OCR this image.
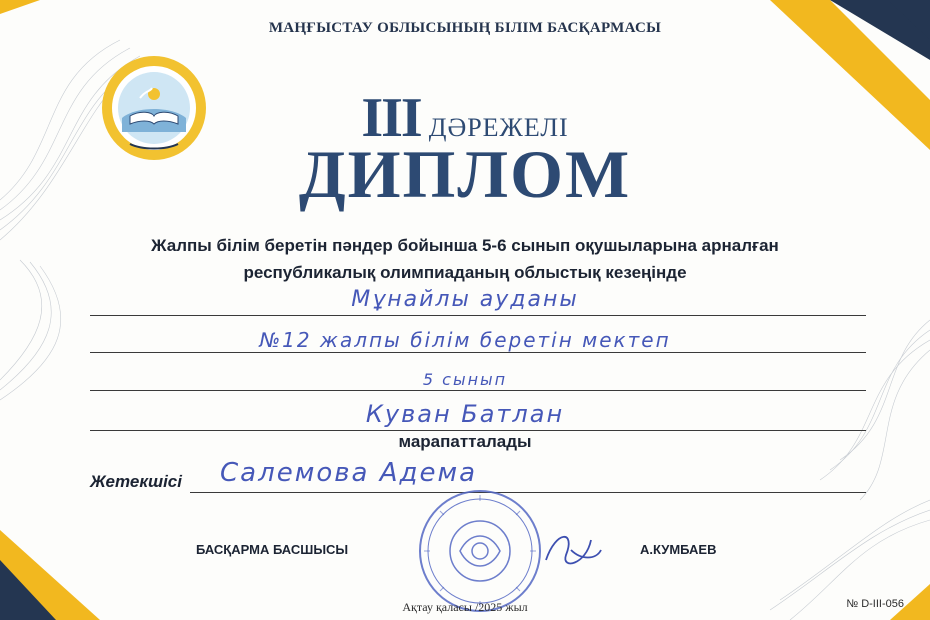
МАҢҒЫСТАУ ОБЛЫСЫНЫҢ БІЛІМ БАСҚАРМАСЫ
III ДӘРЕЖЕЛІ
ДИПЛОМ
Жалпы білім беретін пәндер бойынша 5-6 сынып оқушыларына арналған
республикалық олимпиаданың облыстық кезеңінде
Мұнайлы ауданы
№12 жалпы білім беретін мектеп
5 сынып
Куван Батлан
марапатталады
Жетекшісі Салемова Адема
БАСҚАРМА БАСШЫСЫ	А.КУМБАЕВ
Ақтау қаласы /2025 жыл	№ D-III-056
